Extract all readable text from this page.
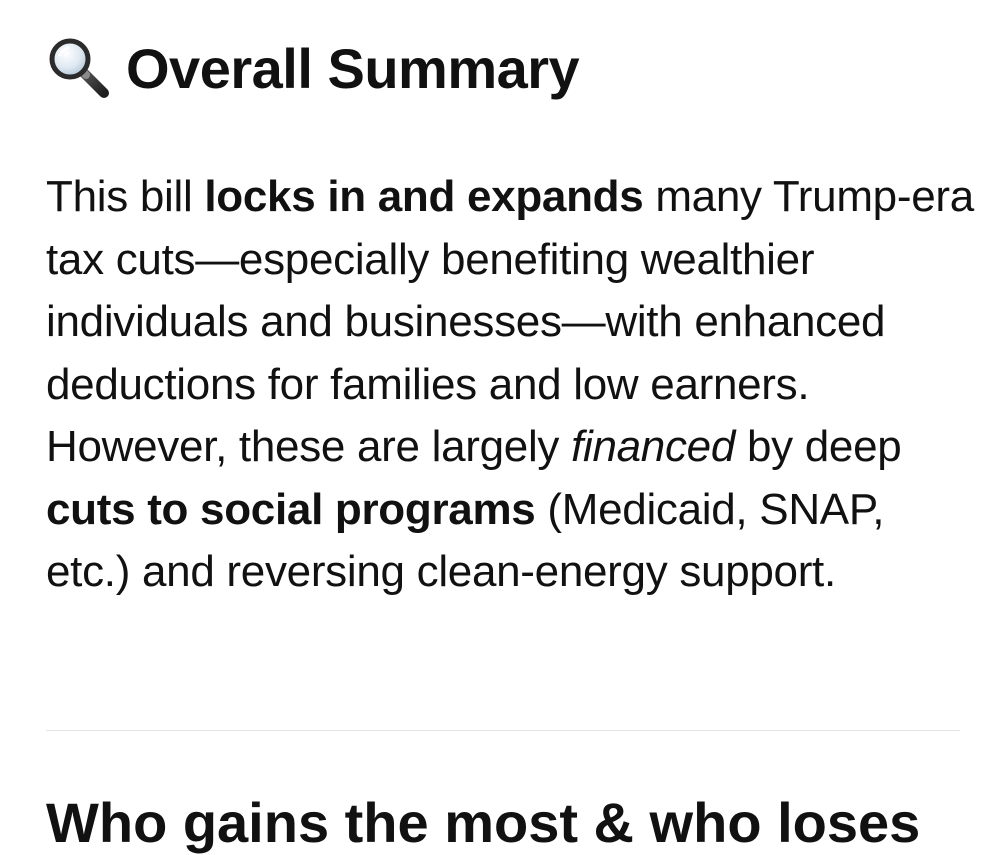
Overall Summary

This bill locks in and expands many Trump-era tax cuts—especially benefiting wealthier individuals and businesses—with enhanced deductions for families and low earners. However, these are largely financed by deep cuts to social programs (Medicaid, SNAP, etc.) and reversing clean-energy support.

Who gains the most & who loses
